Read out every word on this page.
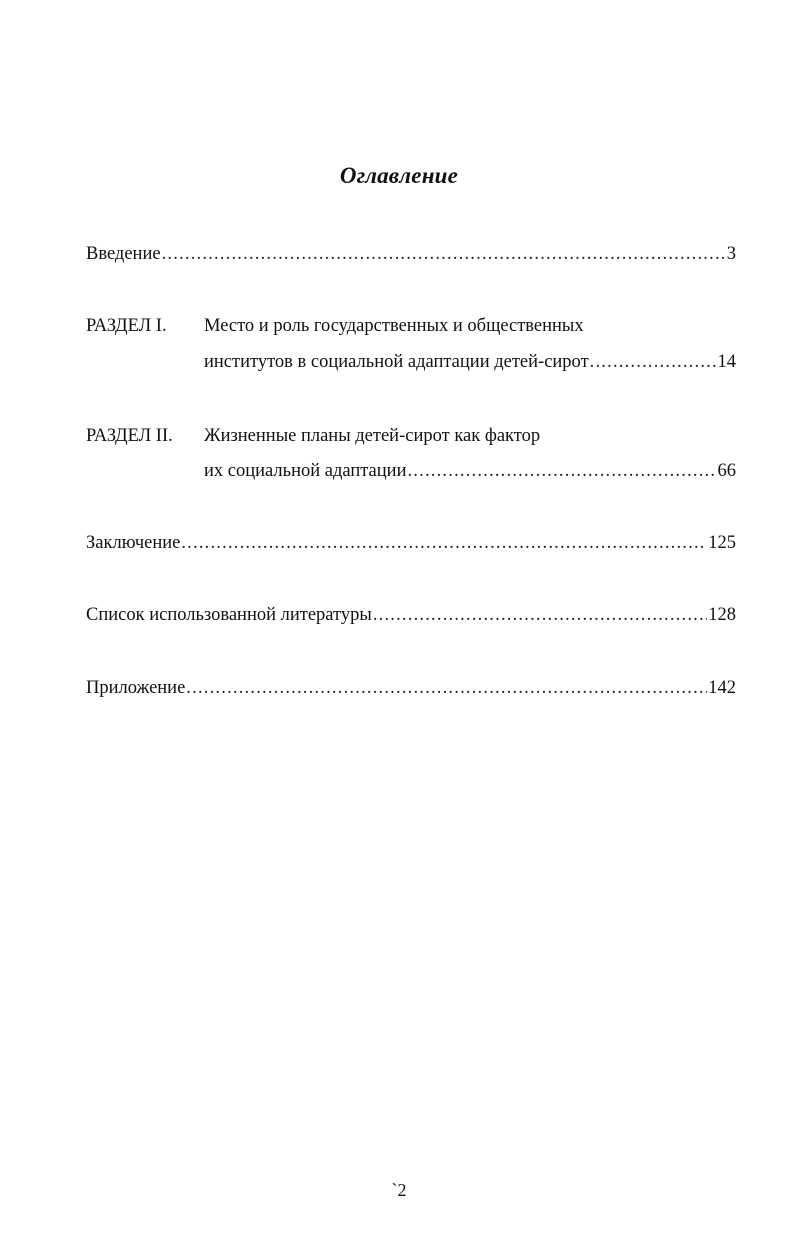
Оглавление
Введение .....	3
РАЗДЕЛ I. Место и роль государственных и общественных
институтов в социальной адаптации детей-сирот .....	14
РАЗДЕЛ II. Жизненные планы детей-сирот как фактор
их социальной адаптации .....	66
Заключение .....	125
Список использованной литературы .....	128
Приложение .....	142
`2
